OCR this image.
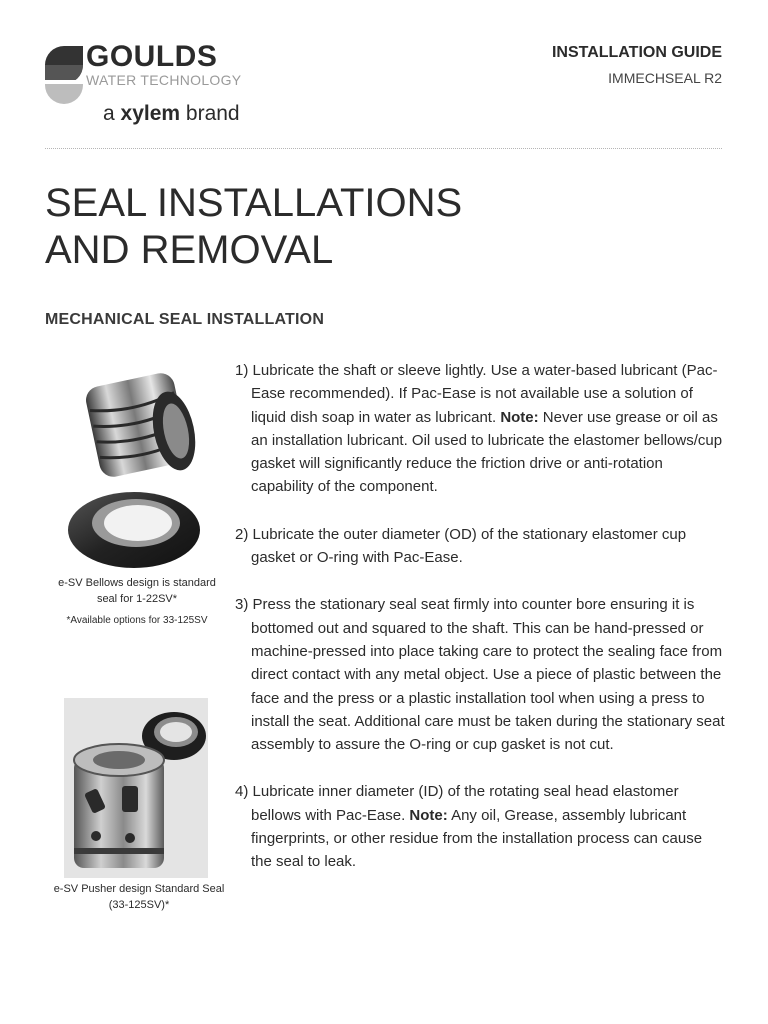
GOULDS
WATER TECHNOLOGY
a xylem brand
INSTALLATION GUIDE
IMMECHSEAL R2
SEAL INSTALLATIONS
AND REMOVAL
MECHANICAL SEAL INSTALLATION
e-SV Bellows design is standard seal for 1-22SV*
*Available options for 33-125SV
e-SV Pusher design Standard Seal (33-125SV)*
1) Lubricate the shaft or sleeve lightly. Use a water-based lubricant (Pac-Ease recommended). If Pac-Ease is not available use a solution of liquid dish soap in water as lubricant. Note: Never use grease or oil as an installation lubricant. Oil used to lubricate the elastomer bellows/cup gasket will significantly reduce the friction drive or anti-rotation capability of the component.
2) Lubricate the outer diameter (OD) of the stationary elastomer cup gasket or O-ring with Pac-Ease.
3) Press the stationary seal seat firmly into counter bore ensuring it is bottomed out and squared to the shaft. This can be hand-pressed or machine-pressed into place taking care to protect the sealing face from direct contact with any metal object. Use a piece of plastic between the face and the press or a plastic installation tool when using a press to install the seat. Additional care must be taken during the stationary seat assembly to assure the O-ring or cup gasket is not cut.
4) Lubricate inner diameter (ID) of the rotating seal head elastomer bellows with Pac-Ease. Note: Any oil, Grease, assembly lubricant fingerprints, or other residue from the installation process can cause the seal to leak.
